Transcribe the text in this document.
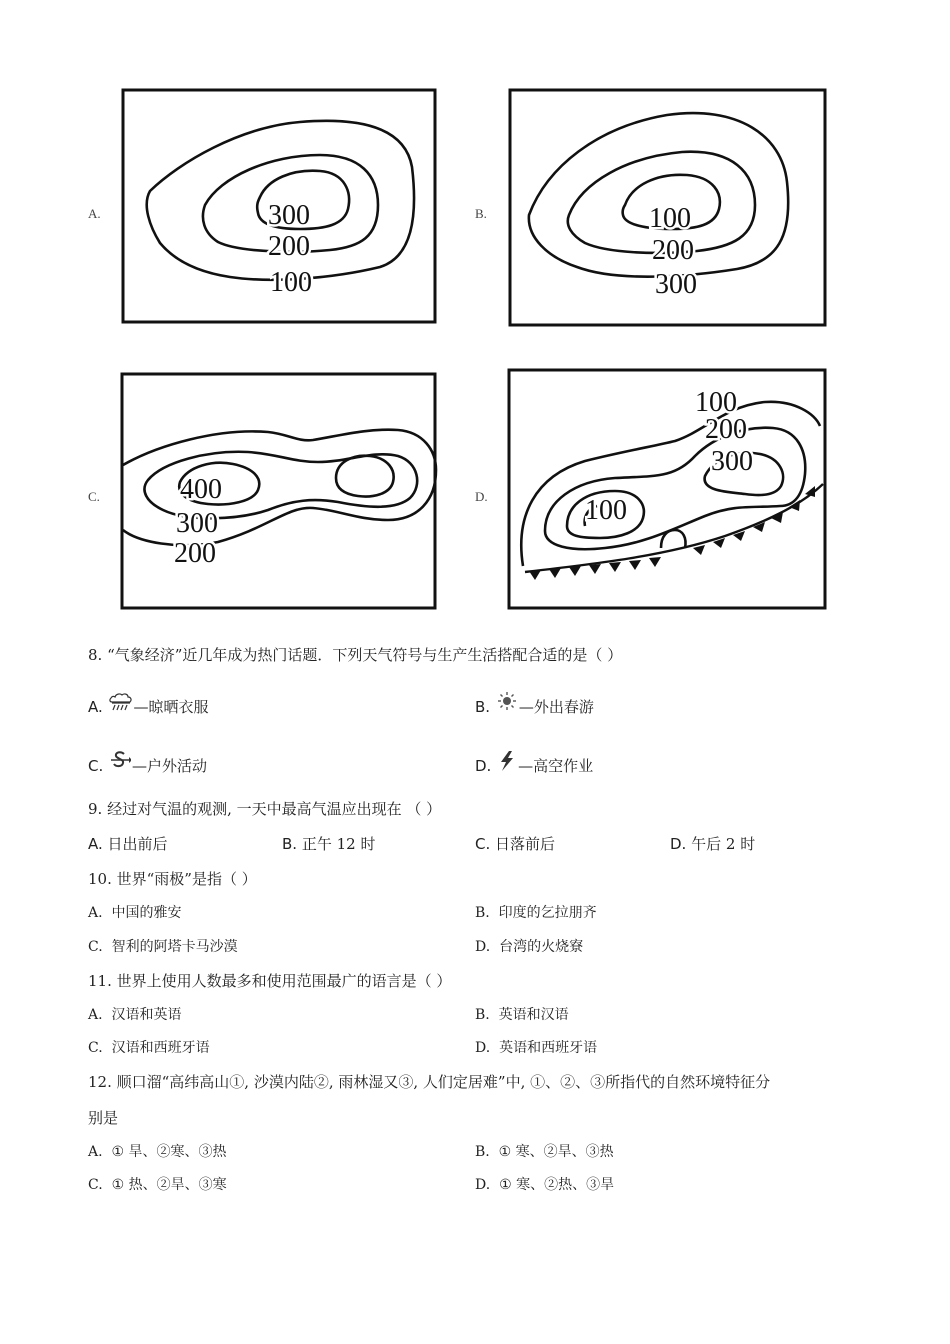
A.	300
200
100
B.	100
200
300
C.	400
300
200
D.
100
200
300
100
8. “气象经济”近几年成为热门话题．下列天气符号与生产生活搭配合适的是（ ）
A. —晾晒衣服	B. —外出春游
C. —户外活动	D. —高空作业
9. 经过对气温的观测, 一天中最高气温应出现在 （ ）
A. 日出前后	B. 正午 12 时	C. 日落前后	D. 午后 2 时
10. 世界“雨极”是指（ ）
A. 中国的雅安	B. 印度的乞拉朋齐
C. 智利的阿塔卡马沙漠	D. 台湾的火烧寮
11. 世界上使用人数最多和使用范围最广的语言是（ ）
A. 汉语和英语	B. 英语和汉语
C. 汉语和西班牙语	D. 英语和西班牙语
12. 顺口溜“高纬高山①, 沙漠内陆②, 雨林湿又③, 人们定居难”中, ①、②、③所指代的自然环境特征分
别是
A. ① 旱、②寒、③热	B. ① 寒、②旱、③热
C. ① 热、②旱、③寒	D. ① 寒、②热、③旱
